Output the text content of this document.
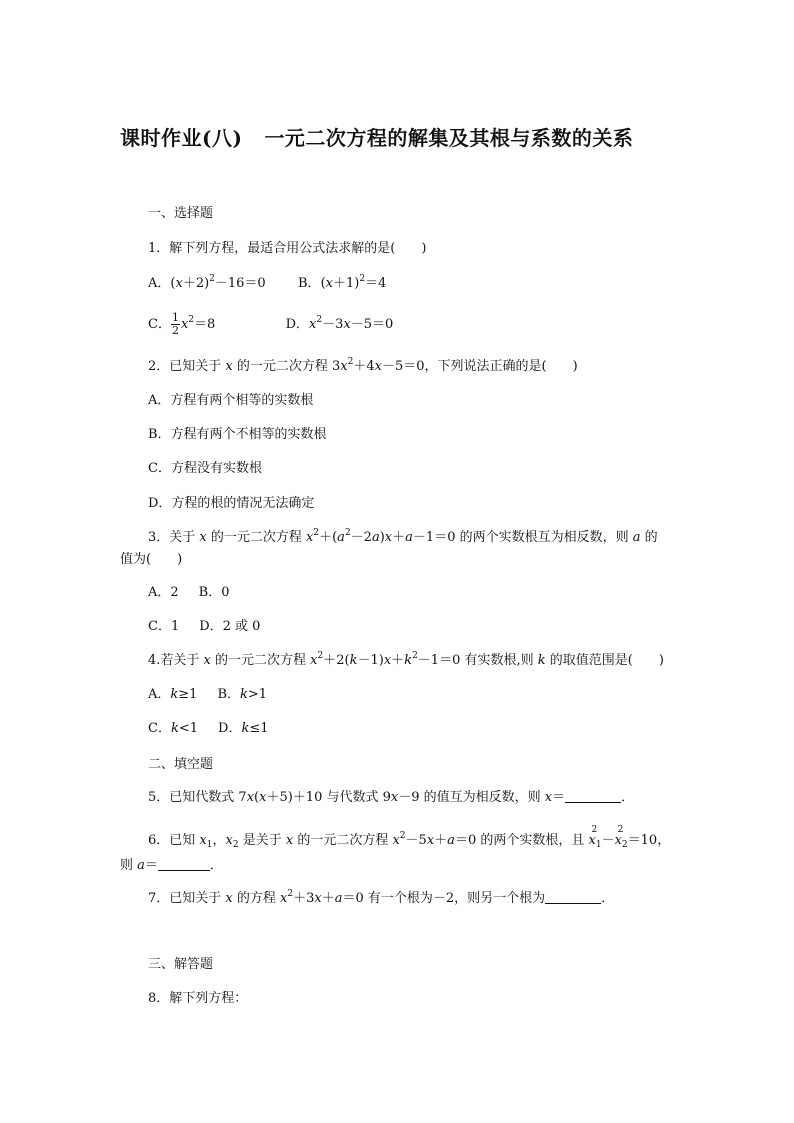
课时作业(八) 一元二次方程的解集及其根与系数的关系
一、选择题
1．解下列方程，最适合用公式法求解的是(　　)
A．$(x+2)^2-16=0$ B．$(x+1)^2=4$
C． $\frac{1}{2} x^2=8$	D．$x^2-3x-5=0$
2．已知关于 x 的一元二次方程 $3x^2+4x-5=0$，下列说法正确的是(　　)
A．方程有两个相等的实数根
B．方程有两个不相等的实数根
C．方程没有实数根
D．方程的根的情况无法确定
3．关于 x 的一元二次方程 $x^2+(a^2-2a)x+a-1=0$ 的两个实数根互为相反数，则 a 的
值为(　　)
A．2 B．0
C．1 D．2 或 0
4.若关于 x 的一元二次方程 $x^2+2(k-1)x+k^2-1=0$ 有实数根,则 k 的取值范围是(　　)
A．k≥1 B．k>1
C．k<1 D．k≤1
二、填空题
5．已知代数式 7x(x＋5)＋10 与代数式 9x－9 的值互为相反数，则 x＝	．
6．已知 $x_1$，$x_2$ 是关于 x 的一元二次方程 $x^2-5x+a=0$ 的两个实数根，且
2
$x_1-$
2
$x_2=10$，
则 a＝	．
7．已知关于 x 的方程 $x^2+3x+a=0$ 有一个根为－2，则另一个根为	．
三、解答题
8．解下列方程：
